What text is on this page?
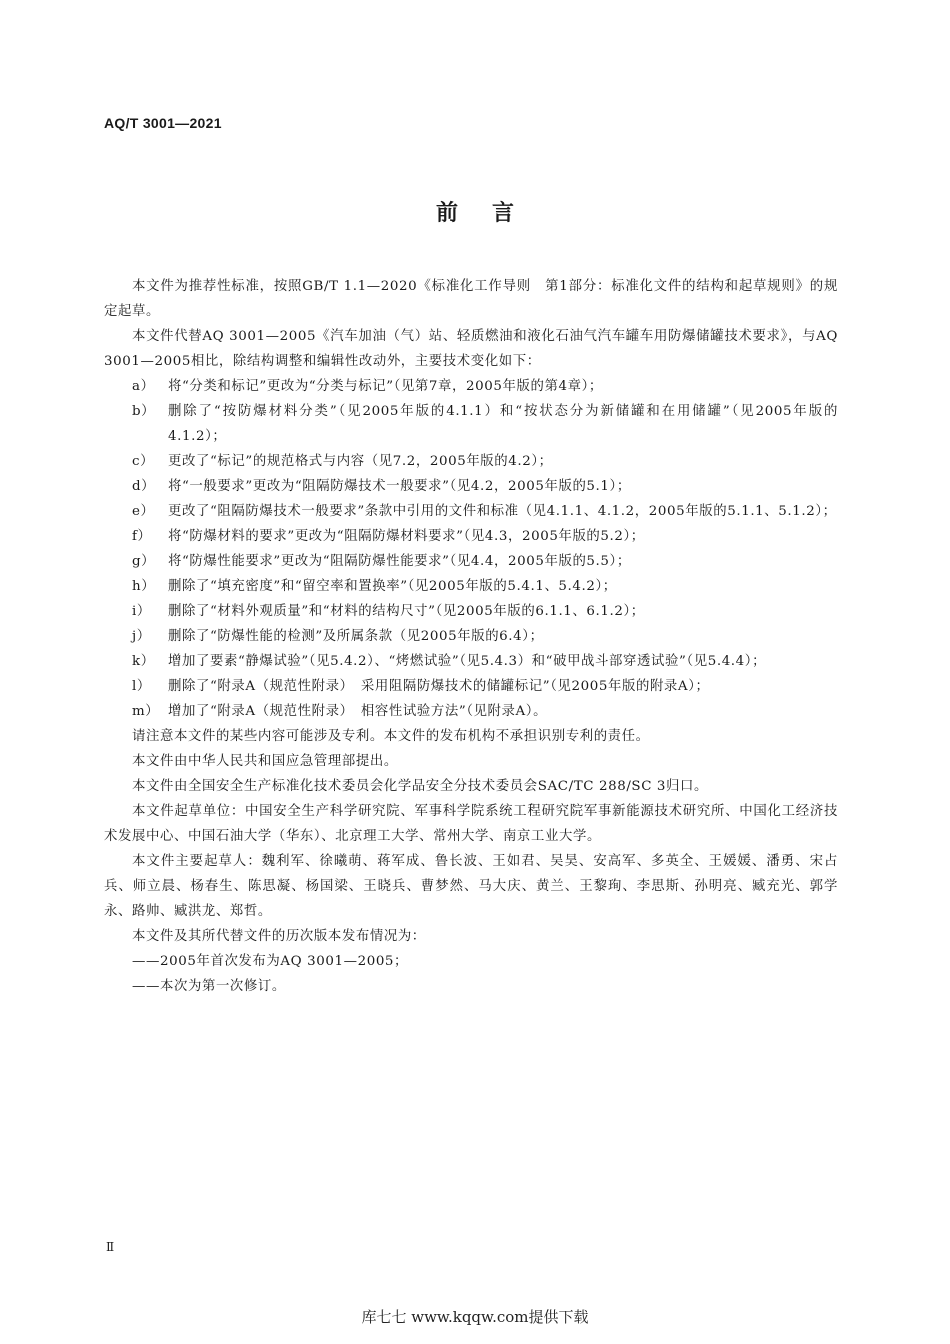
AQ/T 3001—2021
前言

本文件为推荐性标准，按照GB/T 1.1—2020《标准化工作导则　第1部分：标准化文件的结构和起草规则》的规定起草。

本文件代替AQ 3001—2005《汽车加油（气）站、轻质燃油和液化石油气汽车罐车用防爆储罐技术要求》，与AQ 3001—2005相比，除结构调整和编辑性改动外，主要技术变化如下：

a）	将“分类和标记”更改为“分类与标记”（见第7章，2005年版的第4章）；
b） 删除了“按防爆材料分类”（见2005年版的4.1.1）和“按状态分为新储罐和在用储罐”（见2005年版的4.1.2）；
c）	更改了“标记”的规范格式与内容（见7.2，2005年版的4.2）；
d） 将“一般要求”更改为“阻隔防爆技术一般要求”（见4.2，2005年版的5.1）；
e）	更改了“阻隔防爆技术一般要求”条款中引用的文件和标准（见4.1.1、4.1.2，2005年版的5.1.1、5.1.2）；
f）	将“防爆材料的要求”更改为“阻隔防爆材料要求”（见4.3，2005年版的5.2）；
g） 将“防爆性能要求”更改为“阻隔防爆性能要求”（见4.4，2005年版的5.5）；
h） 删除了“填充密度”和“留空率和置换率”（见2005年版的5.4.1、5.4.2）；
i）	删除了“材料外观质量”和“材料的结构尺寸”（见2005年版的6.1.1、6.1.2）；
j）	删除了“防爆性能的检测”及所属条款（见2005年版的6.4）；
k） 增加了要素“静爆试验”（见5.4.2）、“烤燃试验”（见5.4.3）和“破甲战斗部穿透试验”（见5.4.4）；
l）	删除了“附录A（规范性附录）　采用阻隔防爆技术的储罐标记”（见2005年版的附录A）；
m） 增加了“附录A（规范性附录）　相容性试验方法”（见附录A）。

请注意本文件的某些内容可能涉及专利。本文件的发布机构不承担识别专利的责任。

本文件由中华人民共和国应急管理部提出。

本文件由全国安全生产标准化技术委员会化学品安全分技术委员会SAC/TC 288/SC 3归口。

本文件起草单位：中国安全生产科学研究院、军事科学院系统工程研究院军事新能源技术研究所、中国化工经济技术发展中心、中国石油大学（华东）、北京理工大学、常州大学、南京工业大学。

本文件主要起草人：魏利军、徐曦萌、蒋军成、鲁长波、王如君、吴昊、安高军、多英全、王媛媛、潘勇、宋占兵、师立晨、杨春生、陈思凝、杨国梁、王晓兵、曹梦然、马大庆、黄兰、王黎珣、李思斯、孙明亮、臧充光、郭学永、路帅、臧洪龙、郑哲。

本文件及其所代替文件的历次版本发布情况为：

——2005年首次发布为AQ 3001—2005；

——本次为第一次修订。

Ⅱ
库七七 www.kqqw.com提供下载
